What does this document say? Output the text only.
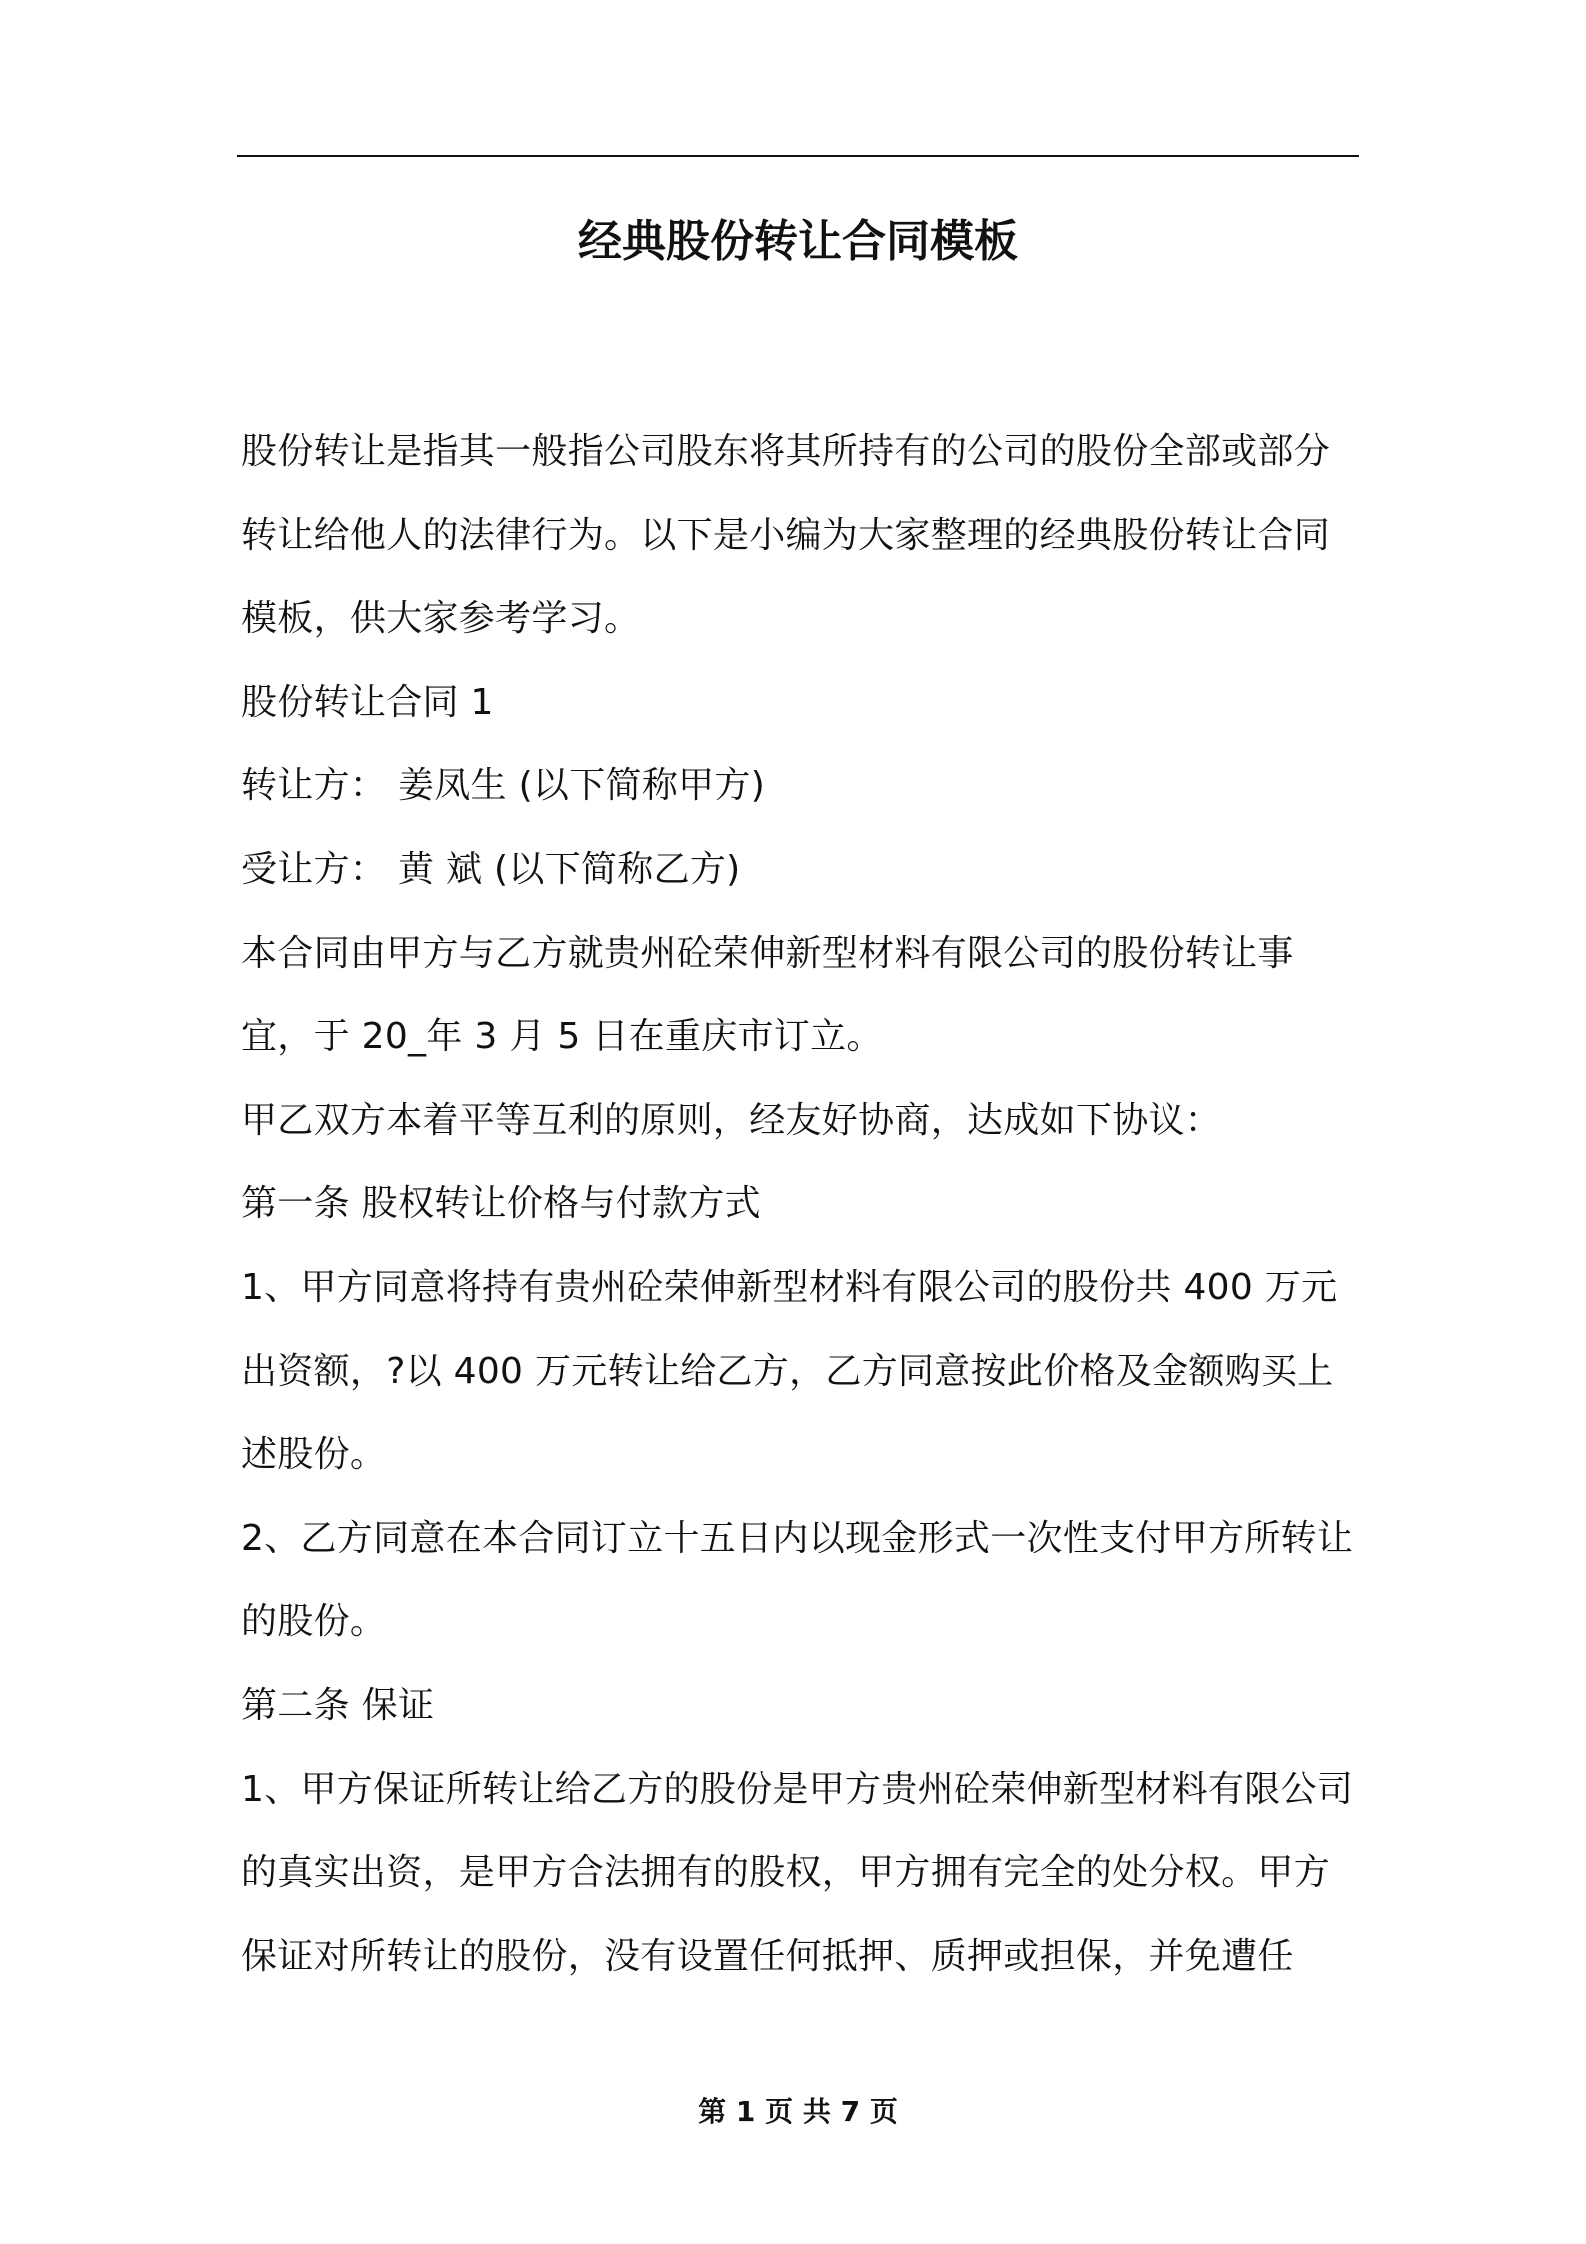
经典股份转让合同模板

股份转让是指其一般指公司股东将其所持有的公司的股份全部或部分转让给他人的法律行为。以下是小编为大家整理的经典股份转让合同模板，供大家参考学习。

股份转让合同 1

转让方： 姜凤生 (以下简称甲方)

受让方： 黄 斌 (以下简称乙方)

本合同由甲方与乙方就贵州砼荣伸新型材料有限公司的股份转让事宜，于 20_年 3 月 5 日在重庆市订立。

甲乙双方本着平等互利的原则，经友好协商，达成如下协议：

第一条 股权转让价格与付款方式

1、甲方同意将持有贵州砼荣伸新型材料有限公司的股份共 400 万元出资额，?以 400 万元转让给乙方，乙方同意按此价格及金额购买上述股份。

2、乙方同意在本合同订立十五日内以现金形式一次性支付甲方所转让的股份。

第二条 保证

1、甲方保证所转让给乙方的股份是甲方贵州砼荣伸新型材料有限公司的真实出资，是甲方合法拥有的股权，甲方拥有完全的处分权。甲方保证对所转让的股份，没有设置任何抵押、质押或担保，并免遭任

第 1 页 共 7 页
